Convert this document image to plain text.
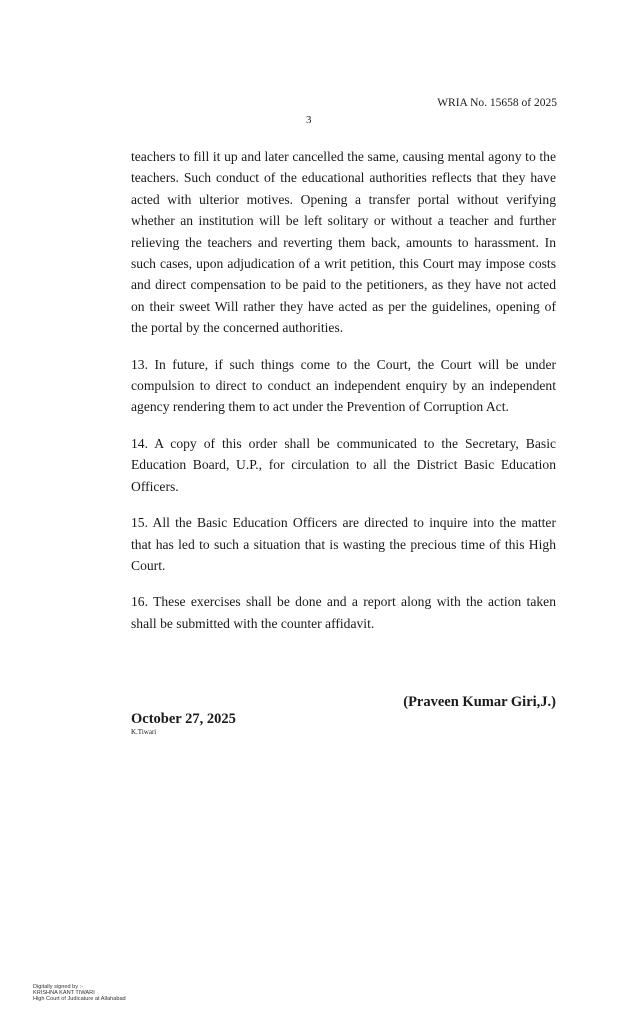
WRIA No. 15658 of 2025
3

teachers to fill it up and later cancelled the same, causing mental agony to the teachers. Such conduct of the educational authorities reflects that they have acted with ulterior motives. Opening a transfer portal without verifying whether an institution will be left solitary or without a teacher and further relieving the teachers and reverting them back, amounts to harassment. In such cases, upon adjudication of a writ petition, this Court may impose costs and direct compensation to be paid to the petitioners, as they have not acted on their sweet Will rather they have acted as per the guidelines, opening of the portal by the concerned authorities.

13. In future, if such things come to the Court, the Court will be under compulsion to direct to conduct an independent enquiry by an independent agency rendering them to act under the Prevention of Corruption Act.

14. A copy of this order shall be communicated to the Secretary, Basic Education Board, U.P., for circulation to all the District Basic Education Officers.

15. All the Basic Education Officers are directed to inquire into the matter that has led to such a situation that is wasting the precious time of this High Court.

16. These exercises shall be done and a report along with the action taken shall be submitted with the counter affidavit.

(Praveen Kumar Giri,J.)
October 27, 2025
K.Tiwari
Digitally signed by :-
KRISHNA KANT TIWARI
High Court of Judicature at Allahabad
